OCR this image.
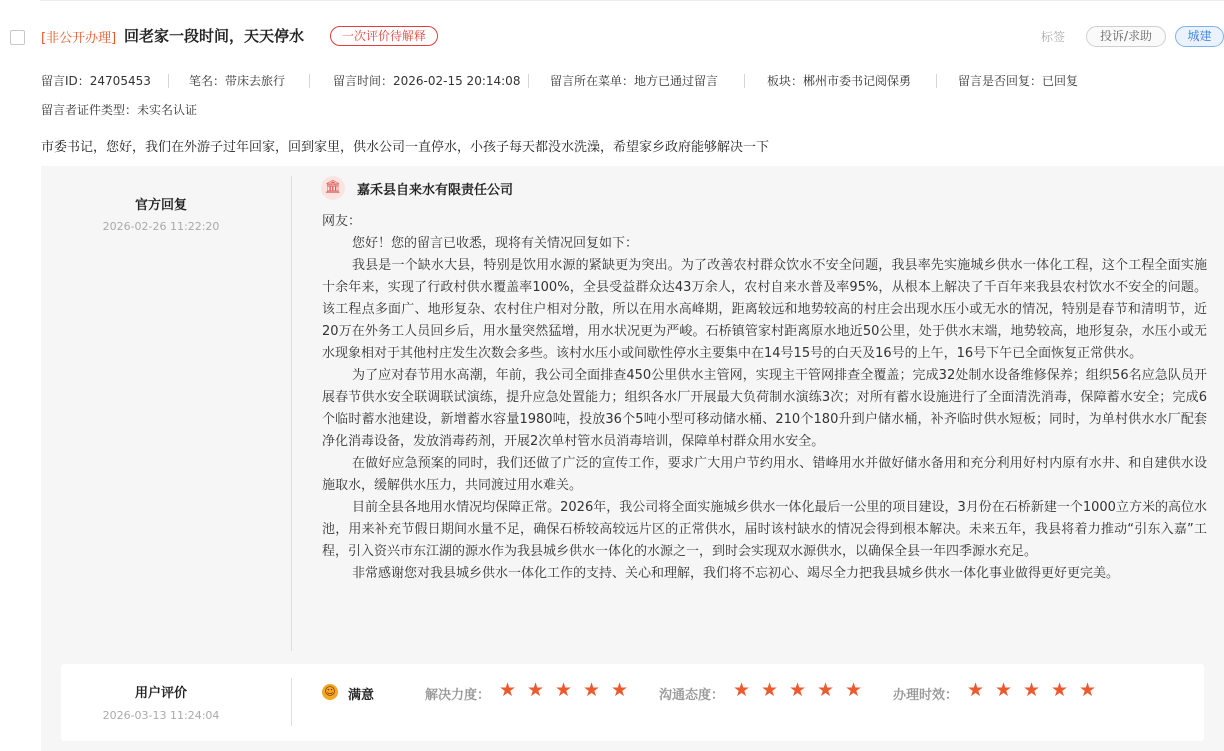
[非公开办理] 回老家一段时间，天天停水	一次评价待解释	标签	投诉/求助	城建
留言ID：24705453	笔名：带床去旅行	留言时间：2026-02-15 20:14:08 留言所在菜单：地方已通过留言	板块：郴州市委书记阅保勇	留言是否回复：已回复
留言者证件类型：未实名认证
市委书记，您好，我们在外游子过年回家，回到家里，供水公司一直停水，小孩子每天都没水洗澡，希望家乡政府能够解决一下
官方回复
2026-02-26 11:22:20
🏛︎ 嘉禾县自来水有限责任公司

网友：

您好！您的留言已收悉，现将有关情况回复如下：

我县是一个缺水大县，特别是饮用水源的紧缺更为突出。为了改善农村群众饮水不安全问题，我县率先实施城乡供水一体化工程，这个工程全面实施十余年来，实现了行政村供水覆盖率100%，全县受益群众达43万余人，农村自来水普及率95%，从根本上解决了千百年来我县农村饮水不安全的问题。该工程点多面广、地形复杂、农村住户相对分散，所以在用水高峰期，距离较远和地势较高的村庄会出现水压小或无水的情况，特别是春节和清明节，近20万在外务工人员回乡后，用水量突然猛增，用水状况更为严峻。石桥镇管家村距离原水地近50公里，处于供水末端，地势较高，地形复杂，水压小或无水现象相对于其他村庄发生次数会多些。该村水压小或间歇性停水主要集中在14号15号的白天及16号的上午，16号下午已全面恢复正常供水。

为了应对春节用水高潮，年前，我公司全面排查450公里供水主管网，实现主干管网排查全覆盖；完成32处制水设备维修保养；组织56名应急队员开展春节供水安全联调联试演练，提升应急处置能力；组织各水厂开展最大负荷制水演练3次；对所有蓄水设施进行了全面清洗消毒，保障蓄水安全；完成6个临时蓄水池建设，新增蓄水容量1980吨，投放36个5吨小型可移动储水桶、210个180升到户储水桶，补齐临时供水短板；同时，为单村供水水厂配套净化消毒设备，发放消毒药剂，开展2次单村管水员消毒培训，保障单村群众用水安全。

在做好应急预案的同时，我们还做了广泛的宣传工作，要求广大用户节约用水、错峰用水并做好储水备用和充分利用好村内原有水井、和自建供水设施取水，缓解供水压力，共同渡过用水难关。

目前全县各地用水情况均保障正常。2026年，我公司将全面实施城乡供水一体化最后一公里的项目建设，3月份在石桥新建一个1000立方米的高位水池，用来补充节假日期间水量不足，确保石桥较高较远片区的正常供水，届时该村缺水的情况会得到根本解决。未来五年，我县将着力推动“引东入嘉”工程，引入资兴市东江湖的源水作为我县城乡供水一体化的水源之一，到时会实现双水源供水，以确保全县一年四季源水充足。

非常感谢您对我县城乡供水一体化工作的支持、关心和理解，我们将不忘初心、竭尽全力把我县城乡供水一体化事业做得更好更完美。

用户评价
2026-03-13 11:24:04
☺︎ 满意	解决力度： ★ ★ ★ ★ ★	沟通态度： ★ ★ ★ ★ ★	办理时效： ★ ★ ★ ★ ★
